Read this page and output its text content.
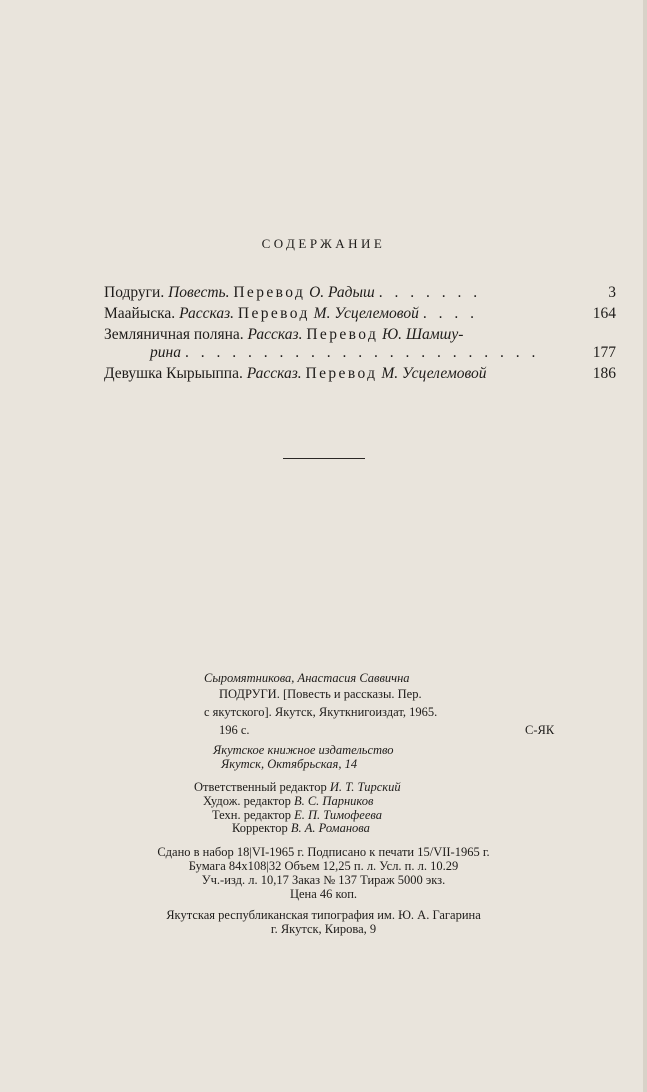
СОДЕРЖАНИЕ
Подруги. Повесть. Перевод О. Радыш . . . . . . .	3
Маайыска. Рассказ. Перевод М. Усцелемовой . . . .	164
Земляничная поляна. Рассказ. Перевод Ю. Шамшу-
рина . . . . . . . . . . . . . . . . . . . . . . .	177
Девушка Кырыыппа. Рассказ. Перевод М. Усцелемовой	186
Сыромятникова, Анастасия Саввична
ПОДРУГИ. [Повесть и рассказы. Пер.
с якутского]. Якутск, Якуткнигоиздат, 1965.
196 с.	С-ЯК
Якутское книжное издательство
Якутск, Октябрьская, 14
Ответственный редактор И. Т. Тирский
Худож. редактор В. С. Парников
Техн. редактор Е. П. Тимофеева
Корректор В. А. Романова
Сдано в набор 18|VI-1965 г. Подписано к печати 15/VII-1965 г.
Бумага 84x108|32 Объем 12,25 п. л. Усл. п. л. 10.29
Уч.-изд. л. 10,17 Заказ № 137 Тираж 5000 экз.
Цена 46 коп.
Якутская республиканская типография им. Ю. А. Гагарина
г. Якутск, Кирова, 9
